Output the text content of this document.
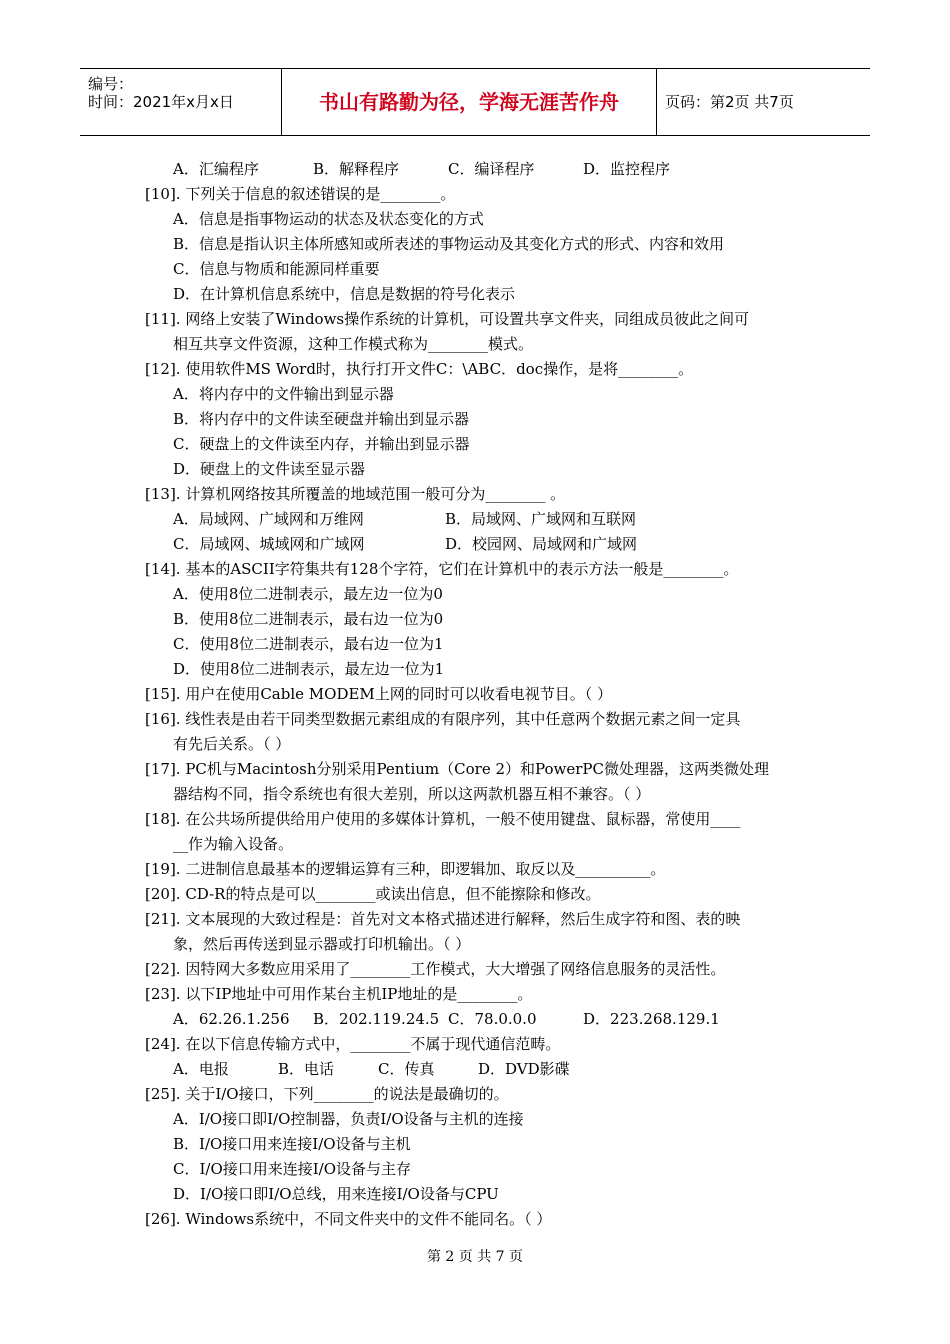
编号：
时间：2021年x月x日	书山有路勤为径，学海无涯苦作舟	页码：第2页 共7页
A．汇编程序	B．解释程序	C．编译程序	D．监控程序
[10]. 下列关于信息的叙述错误的是________。
A．信息是指事物运动的状态及状态变化的方式
B．信息是指认识主体所感知或所表述的事物运动及其变化方式的形式、内容和效用
C．信息与物质和能源同样重要
D．在计算机信息系统中，信息是数据的符号化表示
[11]. 网络上安装了Windows操作系统的计算机，可设置共享文件夹，同组成员彼此之间可
相互共享文件资源，这种工作模式称为________模式。
[12]. 使用软件MS Word时，执行打开文件C：\ABC．doc操作，是将________。
A．将内存中的文件输出到显示器
B．将内存中的文件读至硬盘并输出到显示器
C．硬盘上的文件读至内存，并输出到显示器
D．硬盘上的文件读至显示器
[13]. 计算机网络按其所覆盖的地域范围一般可分为________ 。
A．局域网、广域网和万维网	B．局域网、广域网和互联网
C．局域网、城域网和广域网	D．校园网、局域网和广域网
[14]. 基本的ASCII字符集共有128个字符，它们在计算机中的表示方法一般是________。
A．使用8位二进制表示，最左边一位为0
B．使用8位二进制表示，最右边一位为0
C．使用8位二进制表示，最右边一位为1
D．使用8位二进制表示，最左边一位为1
[15]. 用户在使用Cable MODEM上网的同时可以收看电视节目。（ ）
[16]. 线性表是由若干同类型数据元素组成的有限序列，其中任意两个数据元素之间一定具
有先后关系。（ ）
[17]. PC机与Macintosh分别采用Pentium（Core 2）和PowerPC微处理器，这两类微处理
器结构不同，指令系统也有很大差别，所以这两款机器互相不兼容。（ ）
[18]. 在公共场所提供给用户使用的多媒体计算机，一般不使用键盘、鼠标器，常使用____
__作为输入设备。
[19]. 二进制信息最基本的逻辑运算有三种，即逻辑加、取反以及__________。
[20]. CD-R的特点是可以________或读出信息，但不能擦除和修改。
[21]. 文本展现的大致过程是：首先对文本格式描述进行解释，然后生成字符和图、表的映
象，然后再传送到显示器或打印机输出。（ ）
[22]. 因特网大多数应用采用了________工作模式，大大增强了网络信息服务的灵活性。
[23]. 以下IP地址中可用作某台主机IP地址的是________。
A．62.26.1.256	B．202.119.24.5 C．78.0.0.0	D．223.268.129.1
[24]. 在以下信息传输方式中，________不属于现代通信范畴。
A．电报	B．电话	C．传真	D．DVD影碟
[25]. 关于I/O接口，下列________的说法是最确切的。
A．I/O接口即I/O控制器，负责I/O设备与主机的连接
B．I/O接口用来连接I/O设备与主机
C．I/O接口用来连接I/O设备与主存
D．I/O接口即I/O总线，用来连接I/O设备与CPU
[26]. Windows系统中，不同文件夹中的文件不能同名。（ ）
第 2 页 共 7 页
